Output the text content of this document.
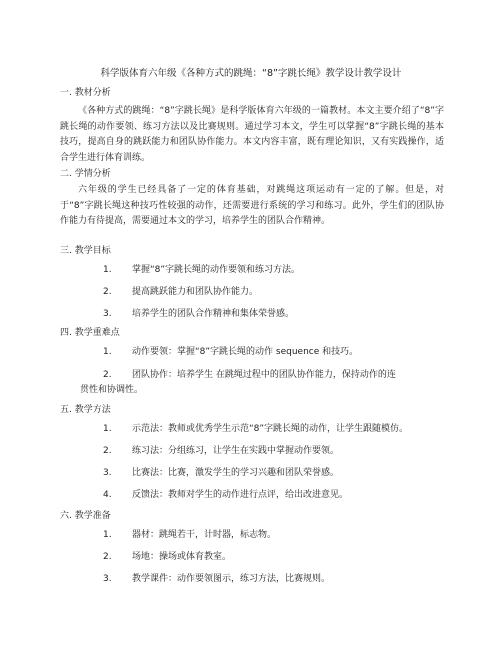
科学版体育六年级《各种方式的跳绳：“8”字跳长绳》教学设计教学设计
一. 教材分析
《各种方式的跳绳：“8”字跳长绳》是科学版体育六年级的一篇教材。本文主要介绍了“8”字跳长绳的动作要领、练习方法以及比赛规则。通过学习本文，学生可以掌握“8”字跳长绳的基本技巧，提高自身的跳跃能力和团队协作能力。本文内容丰富，既有理论知识，又有实践操作，适合学生进行体育训练。
二. 学情分析
六年级的学生已经具备了一定的体育基础，对跳绳这项运动有一定的了解。但是，对于“8”字跳长绳这种技巧性较强的动作，还需要进行系统的学习和练习。此外，学生们的团队协作能力有待提高，需要通过本文的学习，培养学生的团队合作精神。
三. 教学目标
1. 掌握“8”字跳长绳的动作要领和练习方法。
2. 提高跳跃能力和团队协作能力。
3. 培养学生的团队合作精神和集体荣誉感。
四. 教学重难点
1. 动作要领：掌握“8”字跳长绳的动作 sequence 和技巧。
2. 团队协作：培养学生 在跳绳过程中的团队协作能力，保持动作的连
贯性和协调性。
五. 教学方法
1. 示范法：教师或优秀学生示范“8”字跳长绳的动作，让学生跟随模仿。
2. 练习法：分组练习，让学生在实践中掌握动作要领。
3. 比赛法：比赛，激发学生的学习兴趣和团队荣誉感。
4. 反馈法：教师对学生的动作进行点评，给出改进意见。
六. 教学准备
1. 器材：跳绳若干，计时器，标志物。
2. 场地：操场或体育教室。
3. 教学课件：动作要领图示，练习方法，比赛规则。
